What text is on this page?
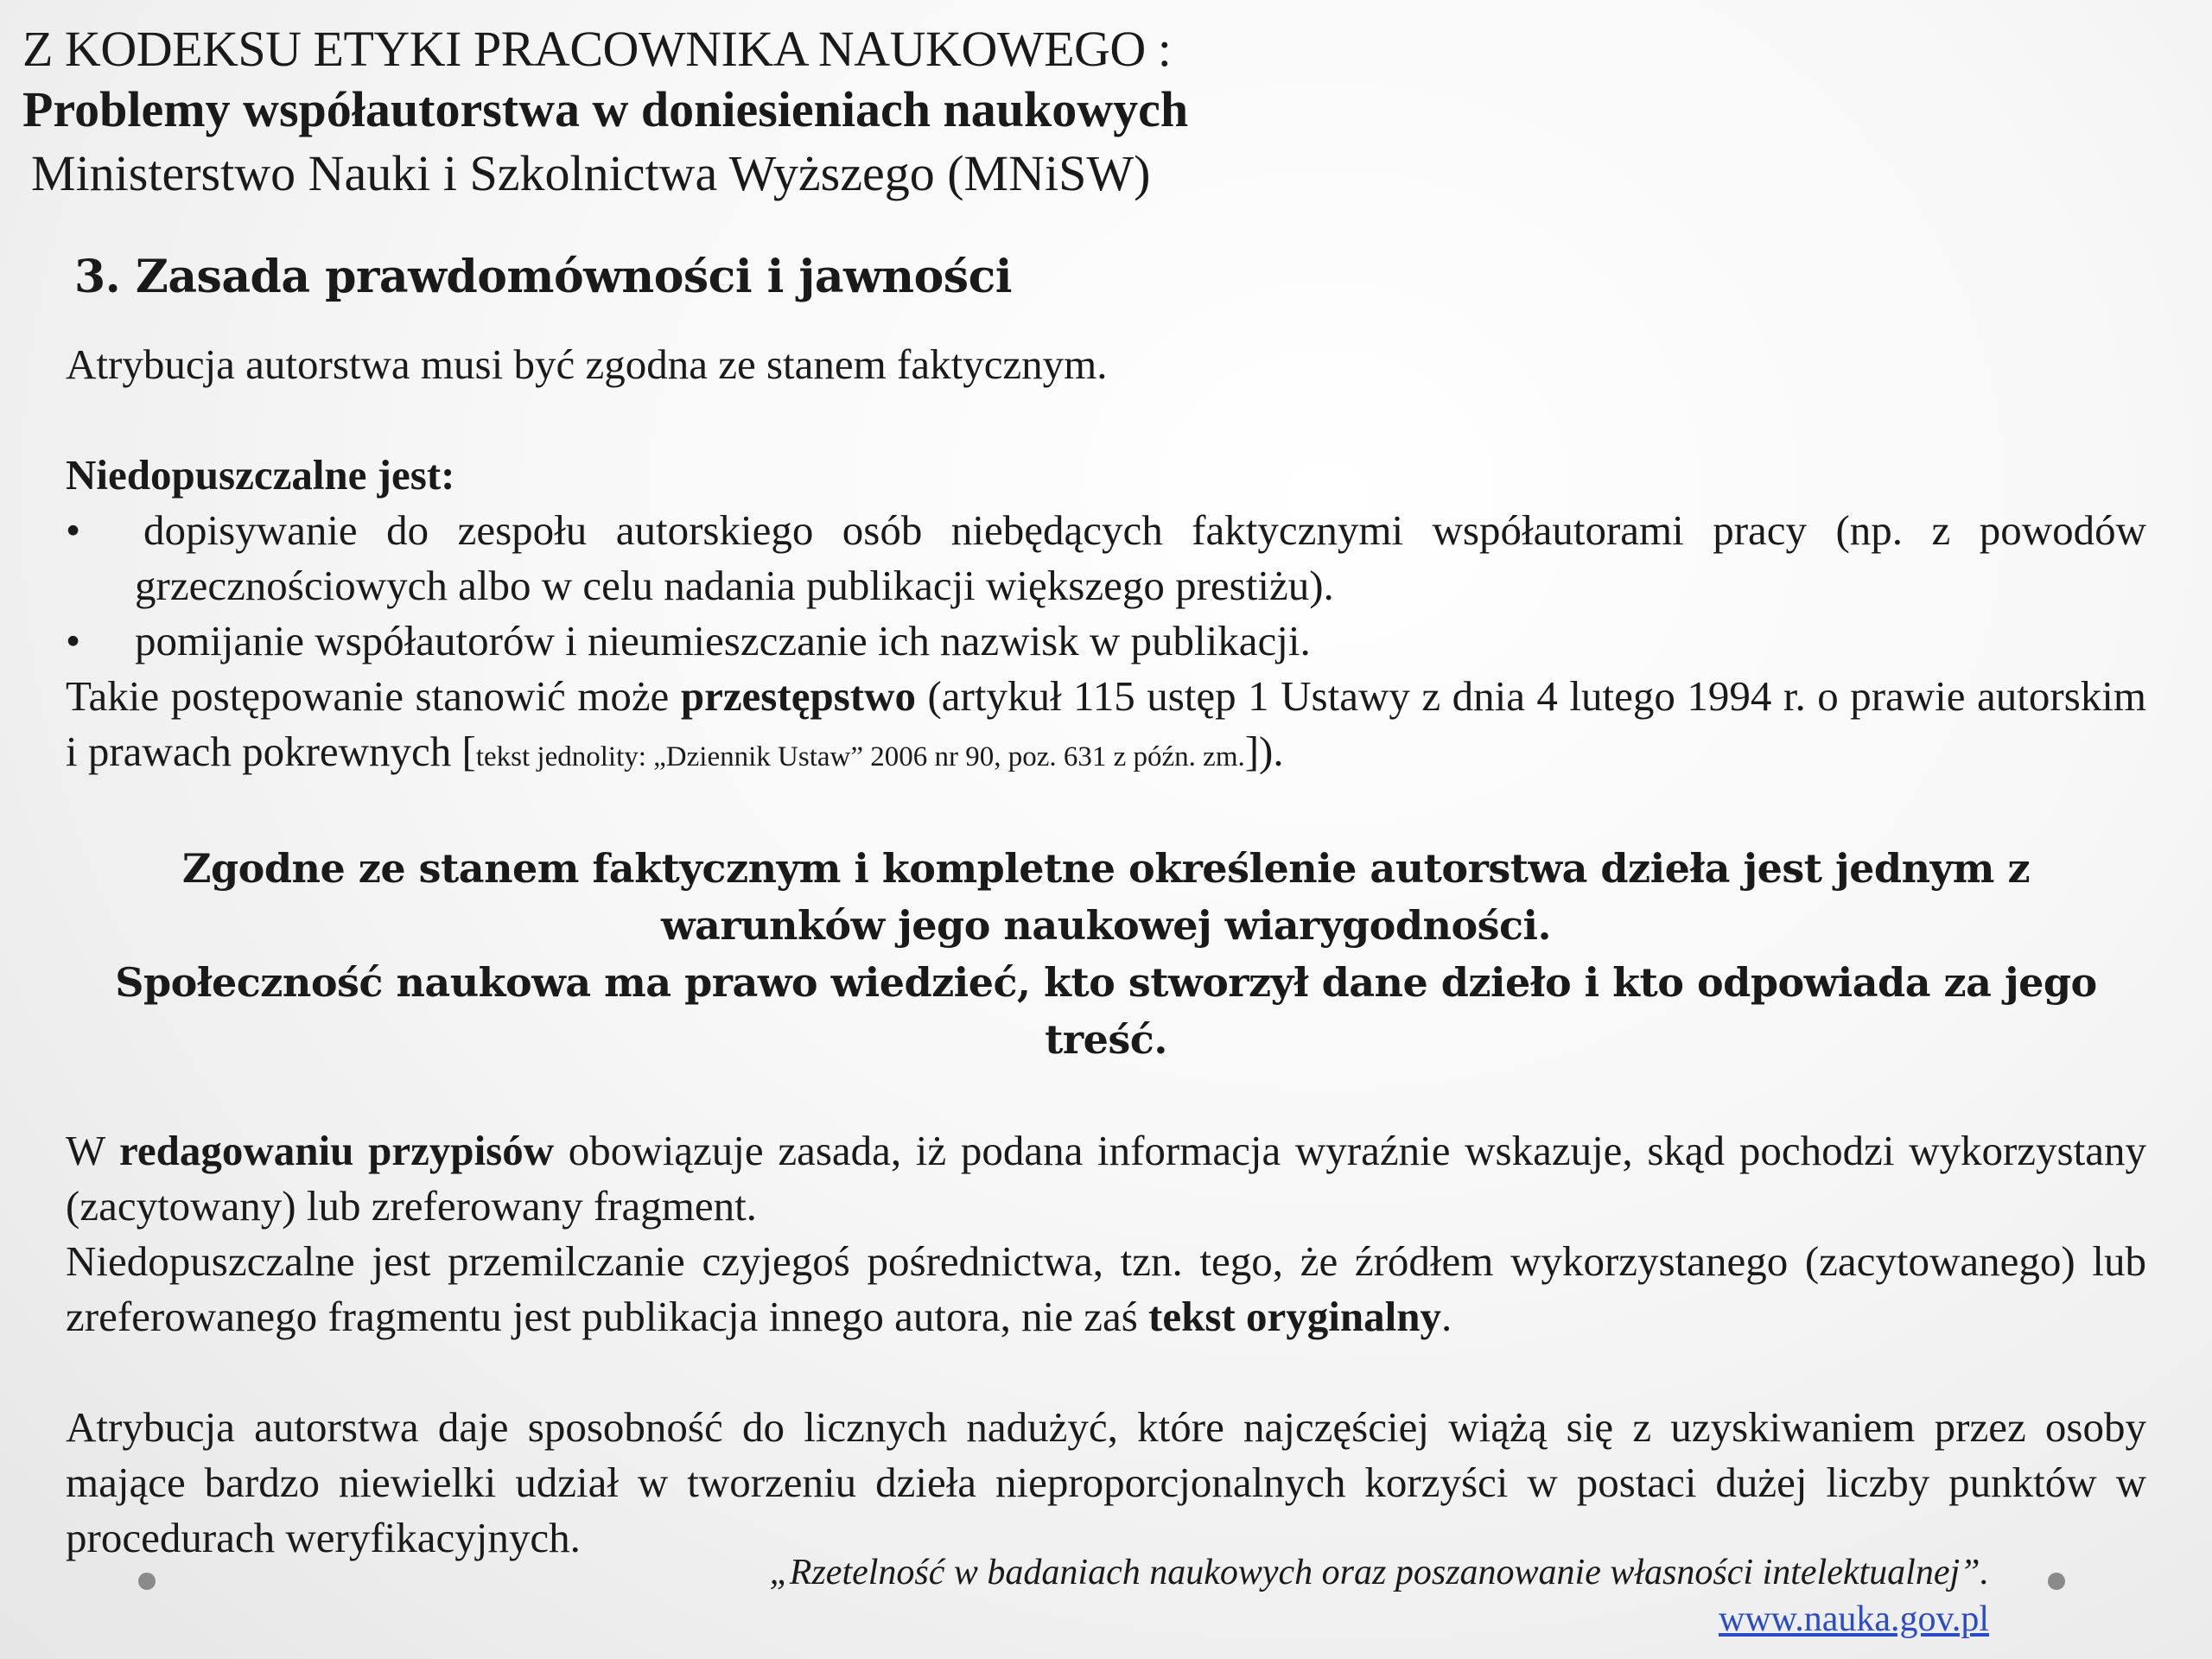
Z KODEKSU ETYKI PRACOWNIKA NAUKOWEGO :
Problemy współautorstwa w doniesieniach naukowych
Ministerstwo Nauki i Szkolnictwa Wyższego (MNiSW)
3. Zasada prawdomówności i jawności

Atrybucja autorstwa musi być zgodna ze stanem faktycznym.

Niedopuszczalne jest:

• dopisywanie do zespołu autorskiego osób niebędących faktycznymi współautorami pracy (np. z powodów grzecznościowych albo w celu nadania publikacji większego prestiżu).
• pomijanie współautorów i nieumieszczanie ich nazwisk w publikacji.

Takie postępowanie stanowić może przestępstwo (artykuł 115 ustęp 1 Ustawy z dnia 4 lutego 1994 r. o prawie autorskim i prawach pokrewnych [tekst jednolity: „Dziennik Ustaw” 2006 nr 90, poz. 631 z późn. zm.]).

Zgodne ze stanem faktycznym i kompletne określenie autorstwa dzieła jest jednym z warunków jego naukowej wiarygodności.

Społeczność naukowa ma prawo wiedzieć, kto stworzył dane dzieło i kto odpowiada za jego treść.

W redagowaniu przypisów obowiązuje zasada, iż podana informacja wyraźnie wskazuje, skąd pochodzi wykorzystany (zacytowany) lub zreferowany fragment.

Niedopuszczalne jest przemilczanie czyjegoś pośrednictwa, tzn. tego, że źródłem wykorzystanego (zacytowanego) lub zreferowanego fragmentu jest publikacja innego autora, nie zaś tekst oryginalny.

Atrybucja autorstwa daje sposobność do licznych nadużyć, które najczęściej wiążą się z uzyskiwaniem przez osoby mające bardzo niewielki udział w tworzeniu dzieła nieproporcjonalnych korzyści w postaci dużej liczby punktów w procedurach weryfikacyjnych.

„Rzetelność w badaniach naukowych oraz poszanowanie własności intelektualnej”.
www.nauka.gov.pl
